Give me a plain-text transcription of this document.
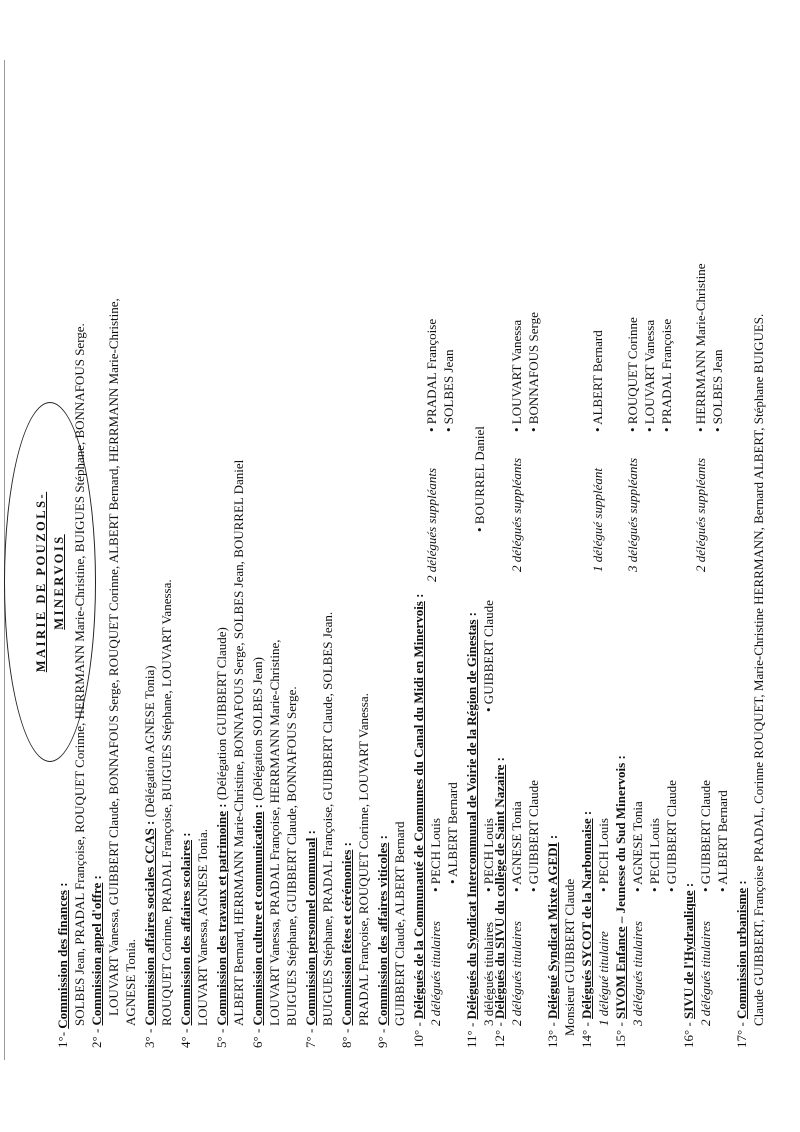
MAIRIE DE POUZOLS- MINERVOIS
1°- Commission des finances : SOLBES Jean, PRADAL Françoise, ROUQUET Corinne, HERRMANN Marie-Christine, BUIGUES Stéphane, BONNAFOUS Serge.
2° - Commission appel d'offre : LOUVART Vanessa, GUIBBERT Claude, BONNAFOUS Serge, ROUQUET Corinne, ALBERT Bernard, HERRMANN Marie-Christine, AGNESE Tonia.
3° - Commission affaires sociales CCAS : (Délégation AGNESE Tonia) ROUQUET Corinne, PRADAL Françoise, BUIGUES Stéphane, LOUVART Vanessa.
4° - Commission des affaires scolaires : LOUVART Vanessa, AGNESE Tonia.
5° - Commission des travaux et patrimoine : (Délégation GUIBBERT Claude) ALBERT Bernard, HERRMANN Marie-Christine, BONNAFOUS Serge, SOLBES Jean, BOURREL Daniel
6° - Commission culture et communication : (Délégation SOLBES Jean) LOUVART Vanessa, PRADAL Françoise, HERRMANN Marie-Christine, BUIGUES Stéphane, GUIBBERT Claude, BONNAFOUS Serge.
7° - Commission personnel communal : BUIGUES Stéphane, PRADAL Françoise, GUIBBERT Claude, SOLBES Jean.
8° - Commission fêtes et cérémonies : PRADAL Françoise, ROUQUET Corinne, LOUVART Vanessa.
9° - Commission des affaires viticoles : GUIBBERT Claude, ALBERT Bernard
10° - Délégués de la Communauté de Communes du Canal du Midi en Minervois :
2 délégués titulaires
• PECH Louis • ALBERT Bernard
2 délégués suppléants
• PRADAL Françoise • SOLBES Jean
11° - Délégués du Syndicat Intercommunal de Voirie de la Région de Ginestas :
3 délégués titulaires
• PECH Louis
• GUIBBERT Claude
• BOURREL Daniel
12° - Délégués du SIVU du collège de Saint Nazaire :
2 délégués titulaires
• AGNESE Tonia • GUIBBERT Claude
2 délégués suppléants
• LOUVART Vanessa • BONNAFOUS Serge
13° - Délégué Syndicat Mixte AGEDI :
Monsieur GUIBBERT Claude 14° - Délégués SYCOT de la Narbonnaise :
1 délégué titulaire
• PECH Louis
1 délégué suppléant
• ALBERT Bernard
15° - SIVOM Enfance – Jeunesse du Sud Minervois :
3 délégués titulaires
• AGNESE Tonia • PECH Louis • GUIBBERT Claude
3 délégués suppléants
• ROUQUET Corinne • LOUVART Vanessa • PRADAL Françoise
16° - SIVU de l'Hydraulique :
2 délégués titulaires
• GUIBBERT Claude • ALBERT Bernard
2 délégués suppléants
• HERRMANN Marie-Christine • SOLBES Jean
17° - Commission urbanisme : Claude GUIBBERT, Françoise PRADAL, Corinne ROUQUET, Marie-Christine HERRMANN, Bernard ALBERT, Stéphane BUIGUES.
